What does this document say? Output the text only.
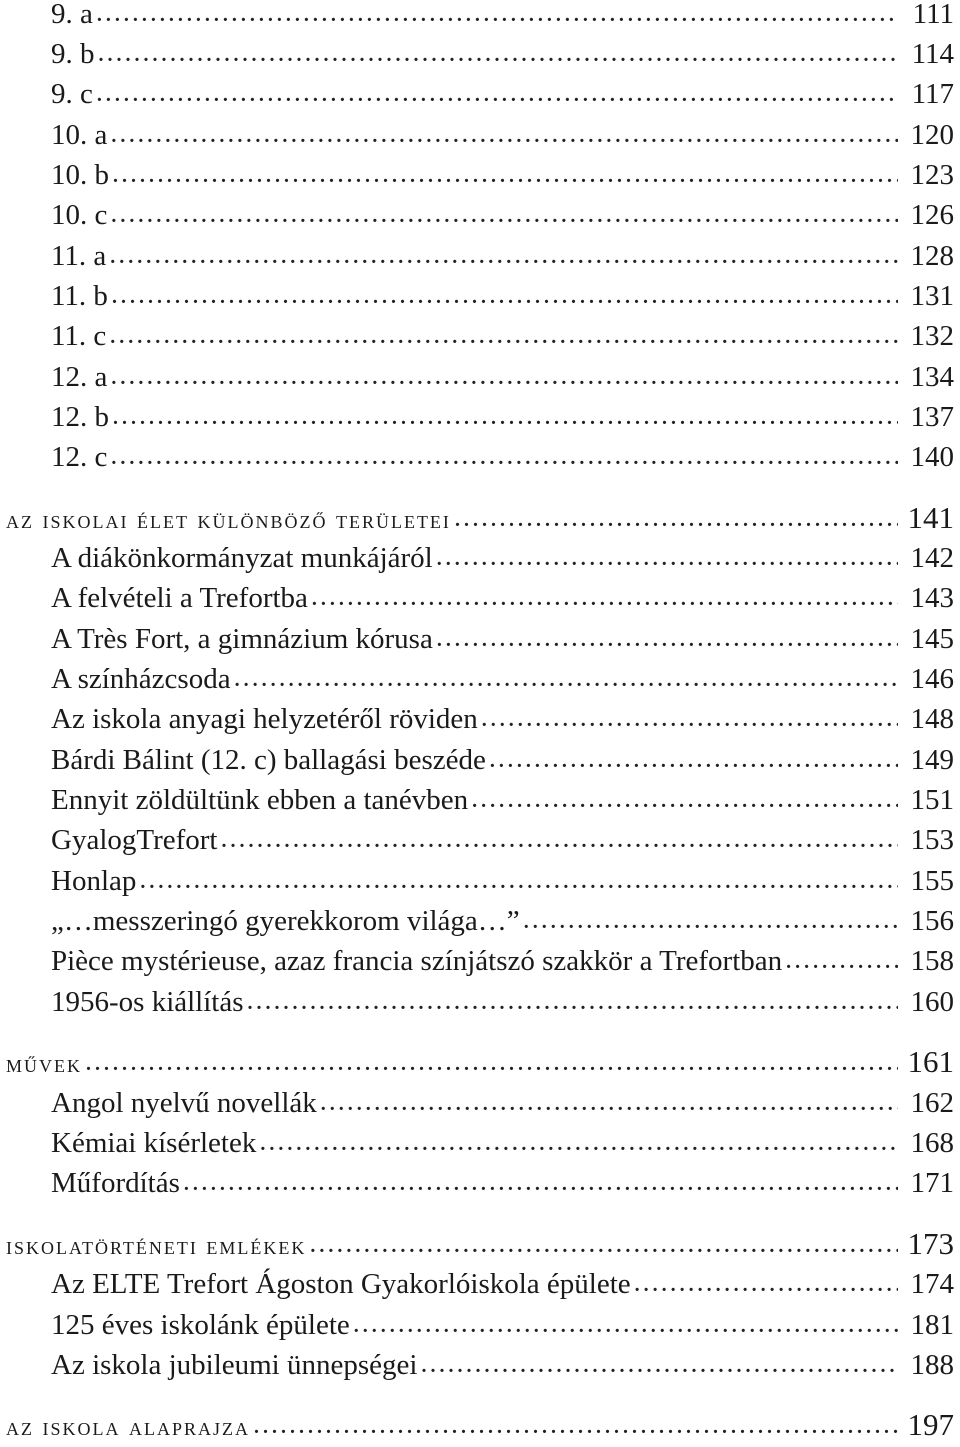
9. a .....	111
9. b .....	114
9. c .....	117
10. a .....	120
10. b .....	123
10. c .....	126
11. a .....	128
11. b .....	131
11. c .....	132
12. a .....	134
12. b .....	137
12. c .....	140
az iskolai élet különböző területei .....	141
A diákönkormányzat munkájáról .....	142
A felvételi a Trefortba .....	143
A Très Fort, a gimnázium kórusa .....	145
A színházcsoda .....	146
Az iskola anyagi helyzetéről röviden .....	148
Bárdi Bálint (12. c) ballagási beszéde .....	149
Ennyit zöldültünk ebben a tanévben .....	151
GyalogTrefort .....	153
Honlap .....	155
„…messzeringó gyerekkorom világa…” .....	156
Pièce mystérieuse, azaz francia színjátszó szakkör a Trefortban .....	158
1956-os kiállítás .....	160
művek .....	161
Angol nyelvű novellák .....	162
Kémiai kísérletek .....	168
Műfordítás .....	171
iskolatörténeti emlékek .....	173
Az ELTE Trefort Ágoston Gyakorlóiskola épülete .....	174
125 éves iskolánk épülete .....	181
Az iskola jubileumi ünnepségei .....	188
az iskola alaprajza .....	197
